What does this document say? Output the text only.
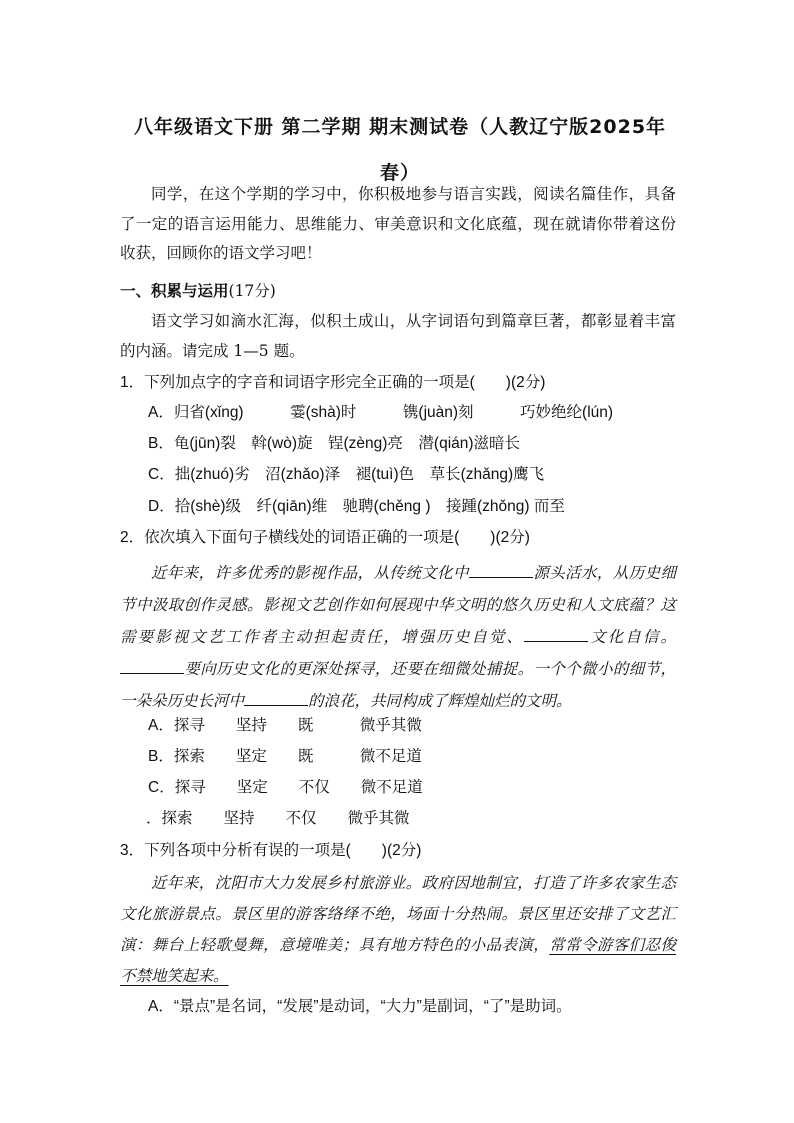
八年级语文下册 第二学期 期末测试卷（人教辽宁版2025年春）
同学，在这个学期的学习中，你积极地参与语言实践，阅读名篇佳作，具备了一定的语言运用能力、思维能力、审美意识和文化底蕴，现在就请你带着这份收获，回顾你的语文学习吧！
一、积累与运用(17分)
语文学习如滴水汇海，似积土成山，从字词语句到篇章巨著，都彰显着丰富的内涵。请完成 1—5 题。
1．下列加点字的字音和词语字形完全正确的一项是(　　)(2分)
A．归省(xǐng)　　　霎(shà)时　　　镌(juàn)刻　　　巧妙绝纶(lún)
B．龟(jūn)裂　斡(wò)旋　锃(zèng)亮　潜(qián)滋暗长
C．拙(zhuó)劣　沼(zhǎo)泽　褪(tuì)色　草长(zhǎng)鹰飞
D．拾(shè)级　纤(qiān)维　驰聘(chěng )　接踵(zhǒng) 而至
2．依次填入下面句子横线处的词语正确的一项是(　　)(2分)
近年来，许多优秀的影视作品，从传统文化中	源头活水，从历史细节中汲取创作灵感。影视文艺创作如何展现中华文明的悠久历史和人文底蕴？这需要影视文艺工作者主动担起责任，增强历史自觉、	文化自信。要向历史文化的更深处探寻，还要在细微处捕捉。一个个微小的细节，一朵朵历史长河中	的浪花，共同构成了辉煌灿烂的文明。
A．探寻　　坚持　　既　　　微乎其微
B．探索　　坚定　　既　　　微不足道
C．探寻　　坚定　　不仅　　微不足道
．探索　　坚持　　不仅　　微乎其微
3．下列各项中分析有误的一项是(　　)(2分)
近年来，沈阳市大力发展乡村旅游业。政府因地制宜，打造了许多农家生态文化旅游景点。景区里的游客络绎不绝，场面十分热闹。景区里还安排了文艺汇演：舞台上轻歌曼舞，意境唯美；具有地方特色的小品表演，常常令游客们忍俊不禁地笑起来。
A．“景点”是名词，“发展”是动词，“大力”是副词，“了”是助词。
